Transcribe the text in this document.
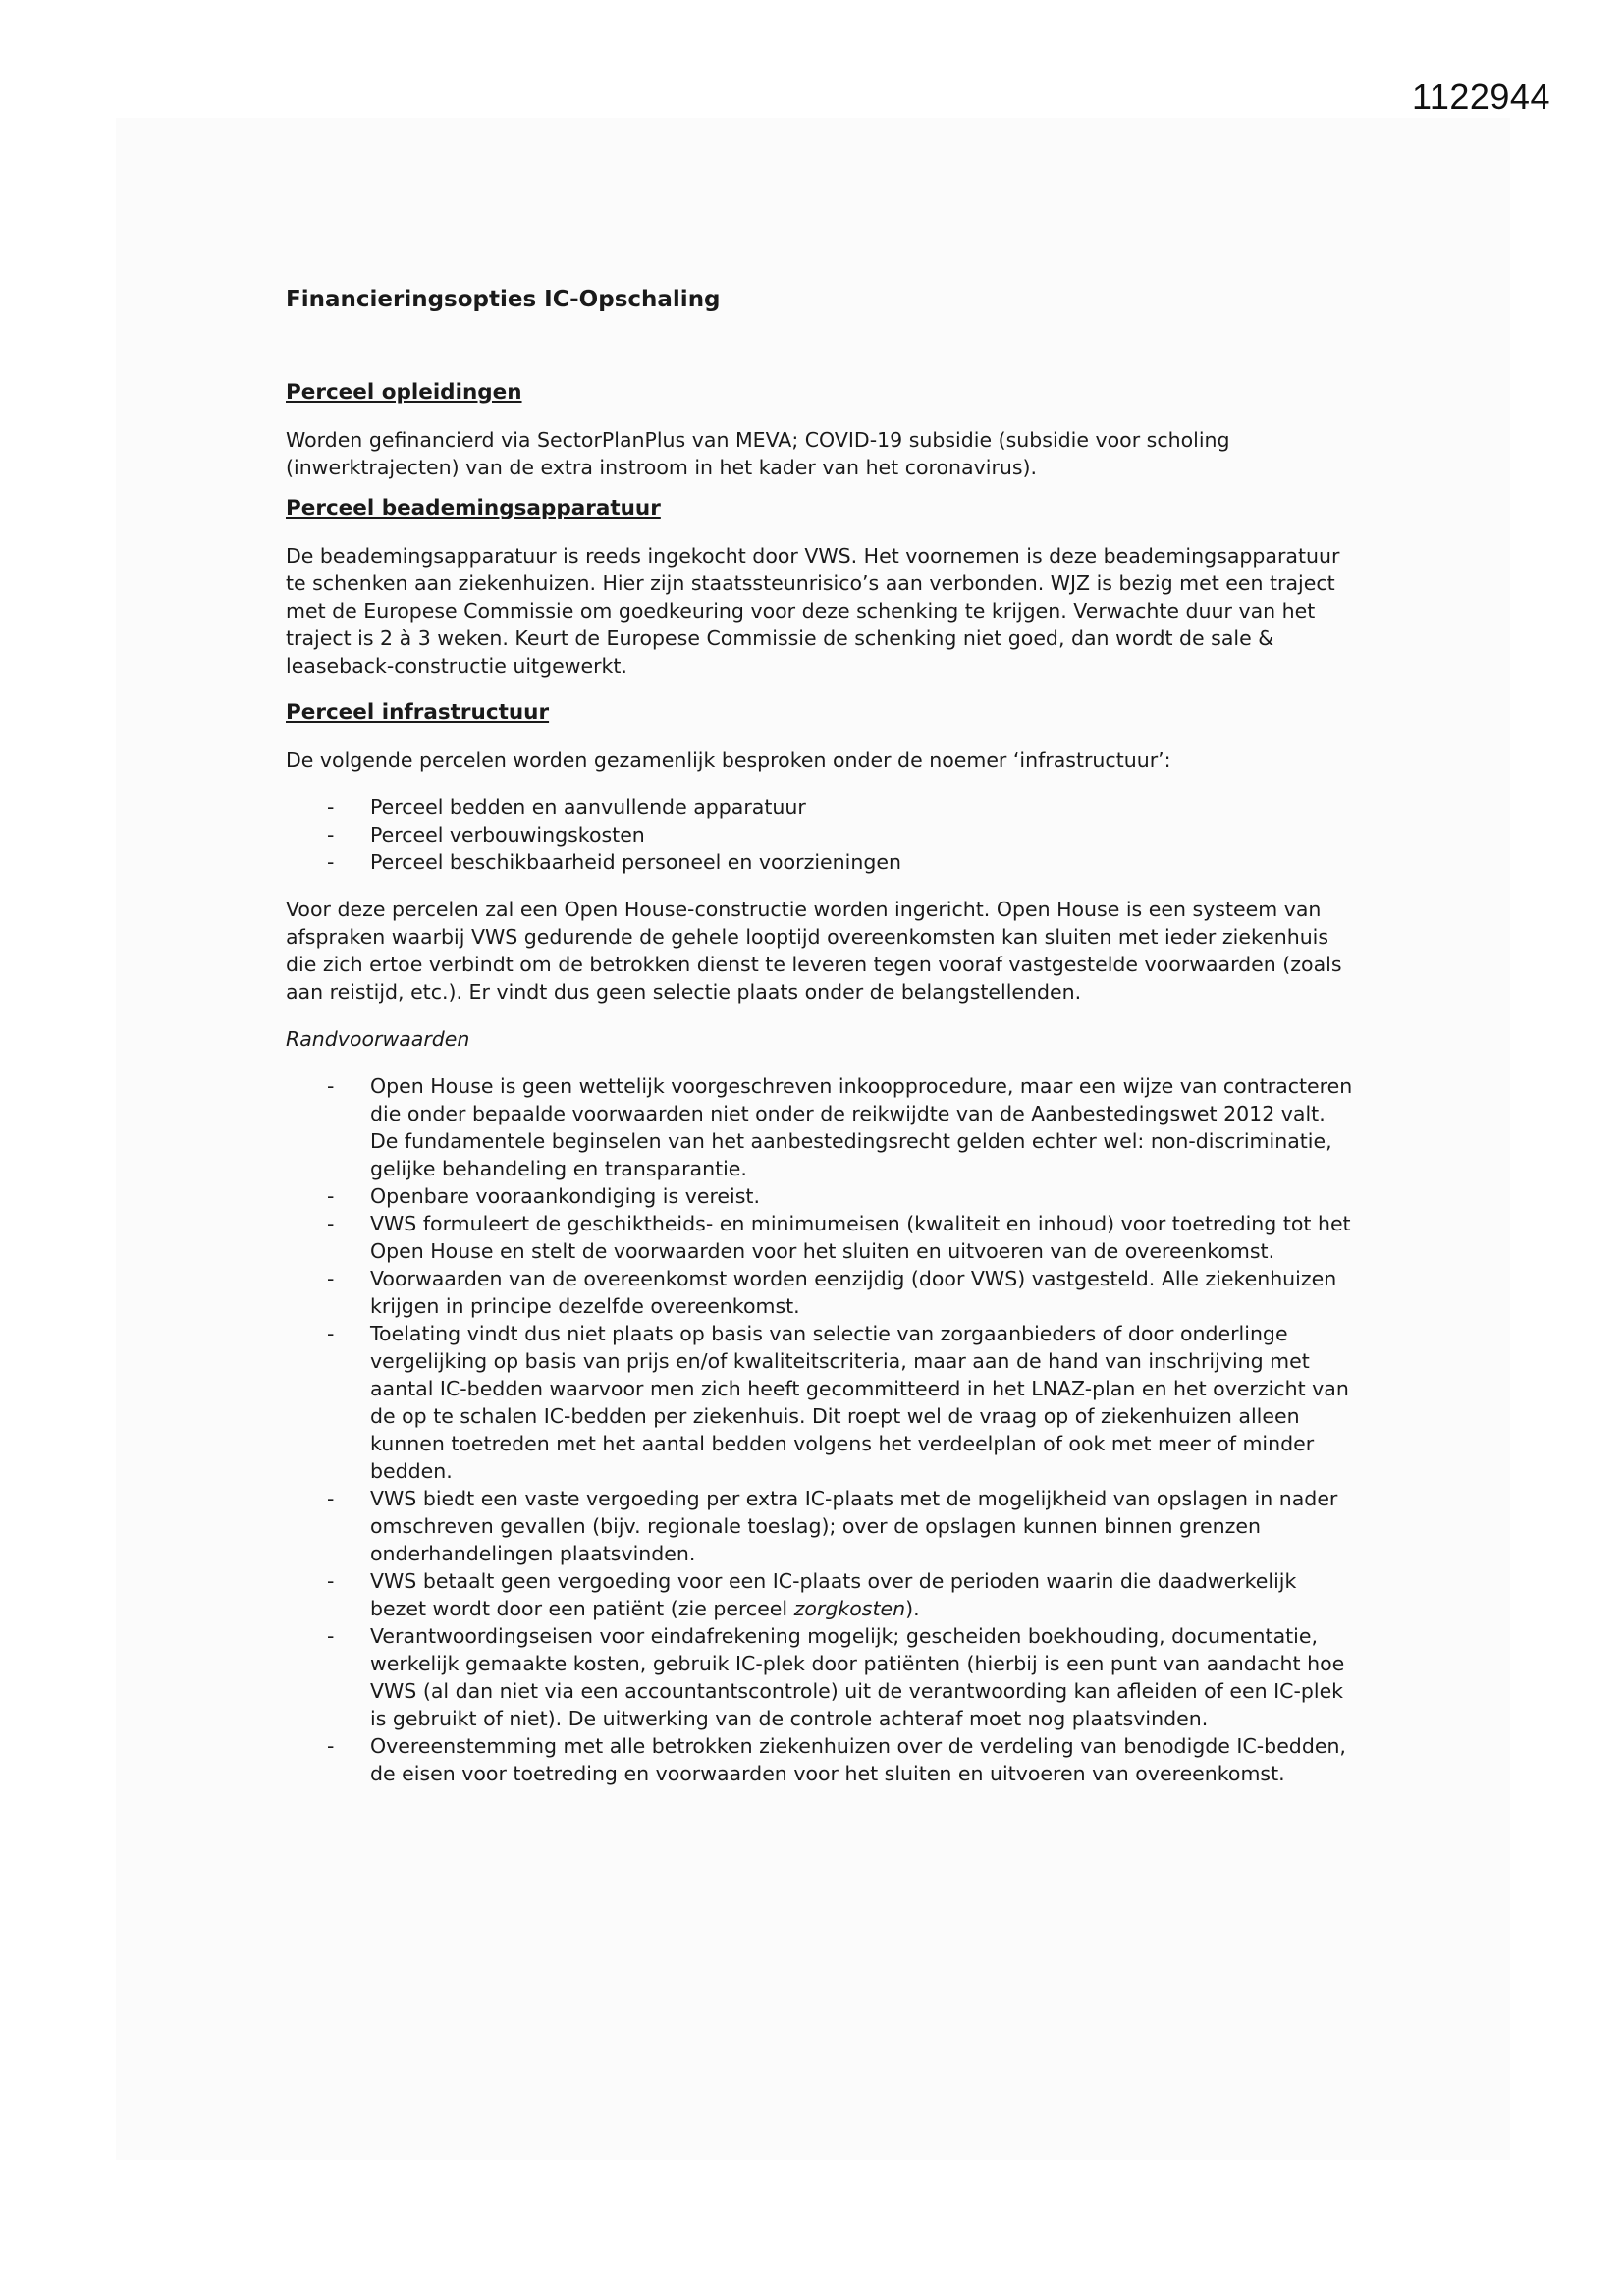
1122944
Financieringsopties IC-Opschaling
Perceel opleidingen

Worden gefinancierd via SectorPlanPlus van MEVA; COVID-19 subsidie (subsidie voor scholing (inwerktrajecten) van de extra instroom in het kader van het coronavirus).

Perceel beademingsapparatuur

De beademingsapparatuur is reeds ingekocht door VWS. Het voornemen is deze beademingsapparatuur te schenken aan ziekenhuizen. Hier zijn staatssteunrisico’s aan verbonden. WJZ is bezig met een traject met de Europese Commissie om goedkeuring voor deze schenking te krijgen. Verwachte duur van het traject is 2 à 3 weken. Keurt de Europese Commissie de schenking niet goed, dan wordt de sale & leaseback-constructie uitgewerkt.

Perceel infrastructuur

De volgende percelen worden gezamenlijk besproken onder de noemer ‘infrastructuur’:

- Perceel bedden en aanvullende apparatuur
- Perceel verbouwingskosten
- Perceel beschikbaarheid personeel en voorzieningen

Voor deze percelen zal een Open House-constructie worden ingericht. Open House is een systeem van afspraken waarbij VWS gedurende de gehele looptijd overeenkomsten kan sluiten met ieder ziekenhuis die zich ertoe verbindt om de betrokken dienst te leveren tegen vooraf vastgestelde voorwaarden (zoals aan reistijd, etc.). Er vindt dus geen selectie plaats onder de belangstellenden.

Randvoorwaarden
- Open House is geen wettelijk voorgeschreven inkoopprocedure, maar een wijze van contracteren die onder bepaalde voorwaarden niet onder de reikwijdte van de Aanbestedingswet 2012 valt. De fundamentele beginselen van het aanbestedingsrecht gelden echter wel: non-discriminatie, gelijke behandeling en transparantie.
- Openbare vooraankondiging is vereist.
- VWS formuleert de geschiktheids- en minimumeisen (kwaliteit en inhoud) voor toetreding tot het Open House en stelt de voorwaarden voor het sluiten en uitvoeren van de overeenkomst.
- Voorwaarden van de overeenkomst worden eenzijdig (door VWS) vastgesteld. Alle ziekenhuizen krijgen in principe dezelfde overeenkomst.
- Toelating vindt dus niet plaats op basis van selectie van zorgaanbieders of door onderlinge vergelijking op basis van prijs en/of kwaliteitscriteria, maar aan de hand van inschrijving met aantal IC-bedden waarvoor men zich heeft gecommitteerd in het LNAZ-plan en het overzicht van de op te schalen IC-bedden per ziekenhuis. Dit roept wel de vraag op of ziekenhuizen alleen kunnen toetreden met het aantal bedden volgens het verdeelplan of ook met meer of minder bedden.
- VWS biedt een vaste vergoeding per extra IC-plaats met de mogelijkheid van opslagen in nader omschreven gevallen (bijv. regionale toeslag); over de opslagen kunnen binnen grenzen onderhandelingen plaatsvinden.
- VWS betaalt geen vergoeding voor een IC-plaats over de perioden waarin die daadwerkelijk bezet wordt door een patiënt (zie perceel zorgkosten).
- Verantwoordingseisen voor eindafrekening mogelijk; gescheiden boekhouding, documentatie, werkelijk gemaakte kosten, gebruik IC-plek door patiënten (hierbij is een punt van aandacht hoe VWS (al dan niet via een accountantscontrole) uit de verantwoording kan afleiden of een IC-plek is gebruikt of niet). De uitwerking van de controle achteraf moet nog plaatsvinden.
- Overeenstemming met alle betrokken ziekenhuizen over de verdeling van benodigde IC-bedden, de eisen voor toetreding en voorwaarden voor het sluiten en uitvoeren van overeenkomst.
